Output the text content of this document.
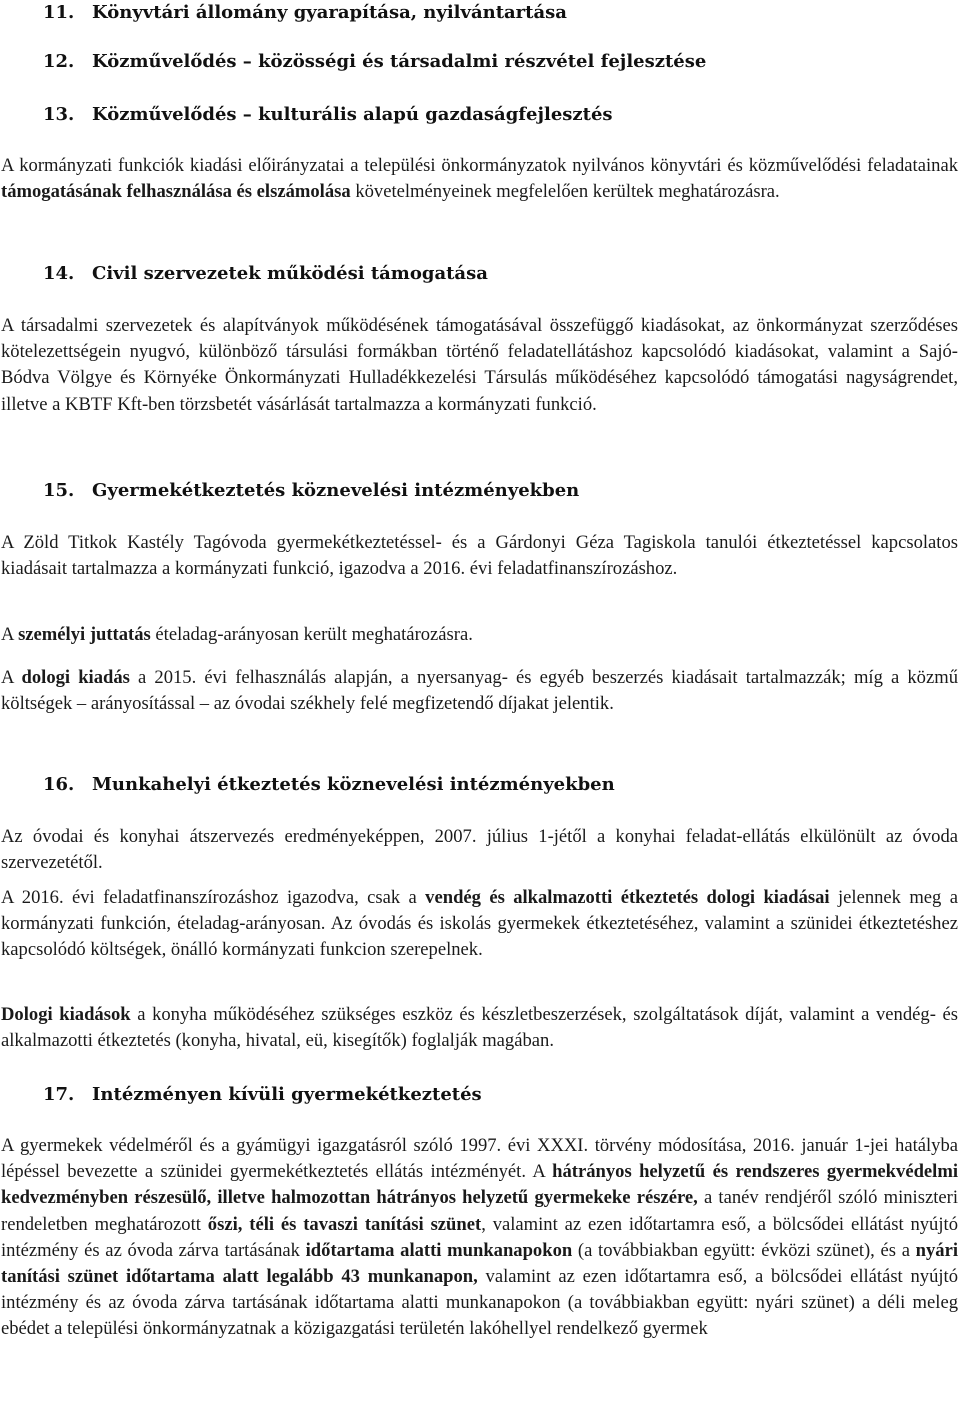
11. Könyvtári állomány gyarapítása, nyilvántartása
12. Közművelődés – közösségi és társadalmi részvétel fejlesztése
13. Közművelődés – kulturális alapú gazdaságfejlesztés
A kormányzati funkciók kiadási előirányzatai a települési önkormányzatok nyilvános könyvtári és közművelődési feladatainak támogatásának felhasználása és elszámolása követelményeinek megfelelően kerültek meghatározásra.
14. Civil szervezetek működési támogatása
A társadalmi szervezetek és alapítványok működésének támogatásával összefüggő kiadásokat, az önkormányzat szerződéses kötelezettségein nyugvó, különböző társulási formákban történő feladatellátáshoz kapcsolódó kiadásokat, valamint a Sajó-Bódva Völgye és Környéke Önkormányzati Hulladékkezelési Társulás működéséhez kapcsolódó támogatási nagyságrendet, illetve a KBTF Kft-ben törzsbetét vásárlását tartalmazza a kormányzati funkció.
15. Gyermekétkeztetés köznevelési intézményekben
A Zöld Titkok Kastély Tagóvoda gyermekétkeztetéssel- és a Gárdonyi Géza Tagiskola tanulói étkeztetéssel kapcsolatos kiadásait tartalmazza a kormányzati funkció, igazodva a 2016. évi feladatfinanszírozáshoz.
A személyi juttatás ételadag-arányosan került meghatározásra.
A dologi kiadás a 2015. évi felhasználás alapján, a nyersanyag- és egyéb beszerzés kiadásait tartalmazzák; míg a közmű költségek – arányosítással – az óvodai székhely felé megfizetendő díjakat jelentik.
16. Munkahelyi étkeztetés köznevelési intézményekben
Az óvodai és konyhai átszervezés eredményeképpen, 2007. július 1-jétől a konyhai feladat-ellátás elkülönült az óvoda szervezetétől.
A 2016. évi feladatfinanszírozáshoz igazodva, csak a vendég és alkalmazotti étkeztetés dologi kiadásai jelennek meg a kormányzati funkción, ételadag-arányosan. Az óvodás és iskolás gyermekek étkeztetéséhez, valamint a szünidei étkeztetéshez kapcsolódó költségek, önálló kormányzati funkcion szerepelnek.
Dologi kiadások a konyha működéséhez szükséges eszköz és készletbeszerzések, szolgáltatások díját, valamint a vendég- és alkalmazotti étkeztetés (konyha, hivatal, eü, kisegítők) foglalják magában.
17. Intézményen kívüli gyermekétkeztetés
A gyermekek védelméről és a gyámügyi igazgatásról szóló 1997. évi XXXI. törvény módosítása, 2016. január 1-jei hatályba lépéssel bevezette a szünidei gyermekétkeztetés ellátás intézményét. A hátrányos helyzetű és rendszeres gyermekvédelmi kedvezményben részesülő, illetve halmozottan hátrányos helyzetű gyermekeke részére, a tanév rendjéről szóló miniszteri rendeletben meghatározott őszi, téli és tavaszi tanítási szünet, valamint az ezen időtartamra eső, a bölcsődei ellátást nyújtó intézmény és az óvoda zárva tartásának időtartama alatti munkanapokon (a továbbiakban együtt: évközi szünet), és a nyári tanítási szünet időtartama alatt legalább 43 munkanapon, valamint az ezen időtartamra eső, a bölcsődei ellátást nyújtó intézmény és az óvoda zárva tartásának időtartama alatti munkanapokon (a továbbiakban együtt: nyári szünet) a déli meleg ebédet a települési önkormányzatnak a közigazgatási területén lakóhellyel rendelkező gyermek
